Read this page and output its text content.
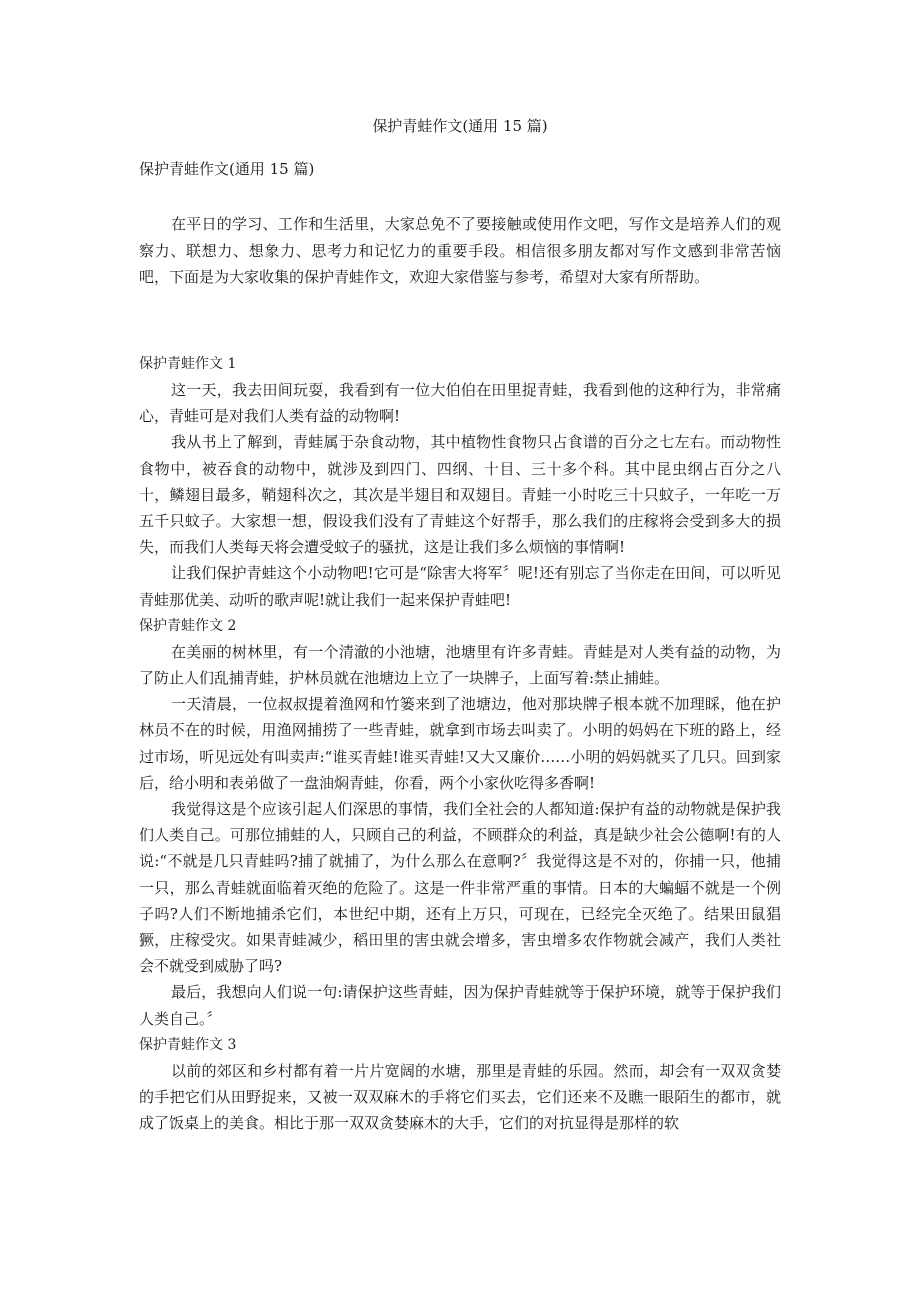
保护青蛙作文(通用 15 篇)

保护青蛙作文(通用 15 篇)

在平日的学习、工作和生活里，大家总免不了要接触或使用作文吧，写作文是培养人们的观察力、联想力、想象力、思考力和记忆力的重要手段。相信很多朋友都对写作文感到非常苦恼吧，下面是为大家收集的保护青蛙作文，欢迎大家借鉴与参考，希望对大家有所帮助。

保护青蛙作文 1

这一天，我去田间玩耍，我看到有一位大伯伯在田里捉青蛙，我看到他的这种行为，非常痛心，青蛙可是对我们人类有益的动物啊!

我从书上了解到，青蛙属于杂食动物，其中植物性食物只占食谱的百分之七左右。而动物性食物中，被吞食的动物中，就涉及到四门、四纲、十目、三十多个科。其中昆虫纲占百分之八十，鳞翅目最多，鞘翅科次之，其次是半翅目和双翅目。青蛙一小时吃三十只蚊子，一年吃一万五千只蚊子。大家想一想，假设我们没有了青蛙这个好帮手，那么我们的庄稼将会受到多大的损失，而我们人类每天将会遭受蚊子的骚扰，这是让我们多么烦恼的事情啊!

让我们保护青蛙这个小动物吧!它可是“除害大将军〞呢!还有别忘了当你走在田间，可以听见青蛙那优美、动听的歌声呢!就让我们一起来保护青蛙吧!

保护青蛙作文 2

在美丽的树林里，有一个清澈的小池塘，池塘里有许多青蛙。青蛙是对人类有益的动物，为了防止人们乱捕青蛙，护林员就在池塘边上立了一块牌子，上面写着:禁止捕蛙。

一天清晨，一位叔叔提着渔网和竹篓来到了池塘边，他对那块牌子根本就不加理睬，他在护林员不在的时候，用渔网捕捞了一些青蛙，就拿到市场去叫卖了。小明的妈妈在下班的路上，经过市场，听见远处有叫卖声:“谁买青蛙!谁买青蛙!又大又廉价……小明的妈妈就买了几只。回到家后，给小明和表弟做了一盘油焖青蛙，你看，两个小家伙吃得多香啊!

我觉得这是个应该引起人们深思的事情，我们全社会的人都知道:保护有益的动物就是保护我们人类自己。可那位捕蛙的人，只顾自己的利益，不顾群众的利益，真是缺少社会公德啊!有的人说:“不就是几只青蛙吗?捕了就捕了，为什么那么在意啊?〞我觉得这是不对的，你捕一只，他捕一只，那么青蛙就面临着灭绝的危险了。这是一件非常严重的事情。日本的大蝙蝠不就是一个例子吗?人们不断地捕杀它们，本世纪中期，还有上万只，可现在，已经完全灭绝了。结果田鼠猖獗，庄稼受灾。如果青蛙减少，稻田里的害虫就会增多，害虫增多农作物就会减产，我们人类社会不就受到威胁了吗?

最后，我想向人们说一句:请保护这些青蛙，因为保护青蛙就等于保护环境，就等于保护我们人类自己。〞

保护青蛙作文 3

以前的郊区和乡村都有着一片片宽阔的水塘，那里是青蛙的乐园。然而，却会有一双双贪婪的手把它们从田野捉来，又被一双双麻木的手将它们买去，它们还来不及瞧一眼陌生的都市，就成了饭桌上的美食。相比于那一双双贪婪麻木的大手，它们的对抗显得是那样的软
